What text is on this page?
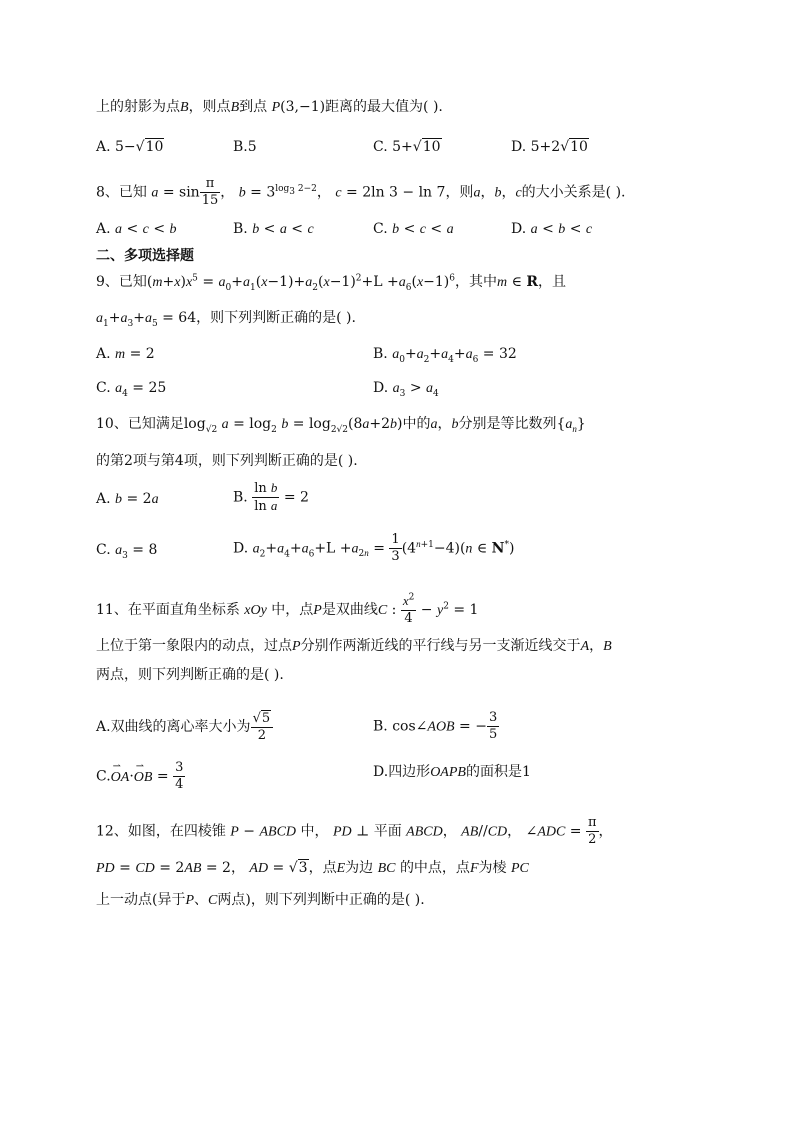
上的射影为点B，则点B到点 P(3,−1)距离的最大值为( ).
A. 5−√10	B.5	C. 5+√10	D. 5+2√10
8、已知 $a = \sin \frac{\pi}{15}$ ， $b = 3^{log_3 2-2}$， c = 2ln 3 − ln 7，则a，b，c的大小关系是( ).
A. a < c < b	B. b < a < c	C. b < c < a	D. a < b < c
二、多项选择题
9、已知$(m+x)x^5 = a_0+a_1(x-1)+a_2(x-1)^2+L +a_6(x-1)^6$，其中m ∈ R，且
$a_1+a_3+a_5 = 64$，则下列判断正确的是( ).
A. m = 2	B. $a_0+a_2+a_4+a_6 = 32$
C. $a_4 = 25$	D. $a_3 > a_4$
10、已知满足$\log_{√2} a = \log_2 b = \log_{2√2}(8a+2b)$中的a，b分别是等比数列$\{a_n\}$
的第2项与第4项，则下列判断正确的是( ).
A. b = 2a	B. $\frac{\text{ln b}}{\text{ln a}} = 2$
C. $a_3 = 8$	D. $a_2+a_4+a_6+L +a_{2n} = \frac{1}{3} (4^{n+1}-4)(n$ ∈ N*)
11、在平面直角坐标系 xOy 中，点P是双曲线C : $\frac{x^2}{4} - y^2 = 1$
上位于第一象限内的动点，过点P分别作两渐近线的平行线与另一支渐近线交于A，B
两点，则下列判断正确的是( ).
A.双曲线的离心率大小为 $\frac{√5}{2}$	B. cos∠AOB = − $\frac{3}{5}$
C.⇀ OA·⇀ OB = $\frac{3}{4}$	D.四边形OAPB的面积是1
12、如图，在四棱锥 P − ABCD 中， PD ⊥ 平面 ABCD， AB//CD， ∠ADC = $\frac{\pi}{2}$ ，
PD = CD = 2AB = 2， AD = √3，点E为边 BC 的中点，点F为棱 PC
上一动点(异于P、C两点)，则下列判断中正确的是( ).
